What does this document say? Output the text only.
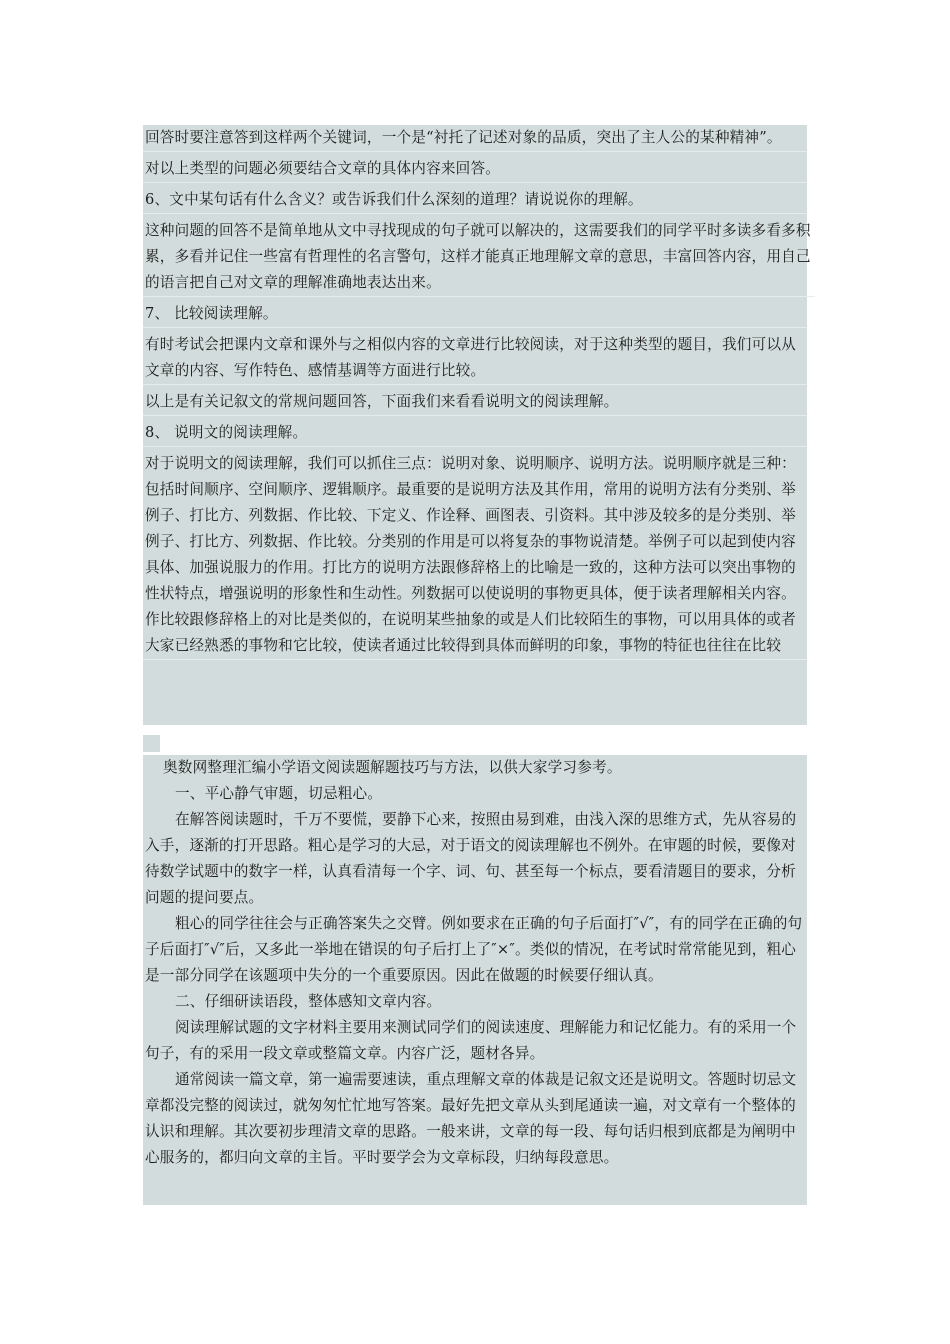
回答时要注意答到这样两个关键词，一个是“衬托了记述对象的品质，突出了主人公的某种精神”。
对以上类型的问题必须要结合文章的具体内容来回答。
6、文中某句话有什么含义？或告诉我们什么深刻的道理？请说说你的理解。
这种问题的回答不是简单地从文中寻找现成的句子就可以解决的，这需要我们的同学平时多读多看多积累，多看并记住一些富有哲理性的名言警句，这样才能真正地理解文章的意思，丰富回答内容，用自己的语言把自己对文章的理解准确地表达出来。
7、 比较阅读理解。
有时考试会把课内文章和课外与之相似内容的文章进行比较阅读，对于这种类型的题目，我们可以从文章的内容、写作特色、感情基调等方面进行比较。
以上是有关记叙文的常规问题回答，下面我们来看看说明文的阅读理解。
8、 说明文的阅读理解。
对于说明文的阅读理解，我们可以抓住三点：说明对象、说明顺序、说明方法。说明顺序就是三种：包括时间顺序、空间顺序、逻辑顺序。最重要的是说明方法及其作用，常用的说明方法有分类别、举例子、打比方、列数据、作比较、下定义、作诠释、画图表、引资料。其中涉及较多的是分类别、举例子、打比方、列数据、作比较。分类别的作用是可以将复杂的事物说清楚。举例子可以起到使内容具体、加强说服力的作用。打比方的说明方法跟修辞格上的比喻是一致的，这种方法可以突出事物的性状特点，增强说明的形象性和生动性。列数据可以使说明的事物更具体，便于读者理解相关内容。作比较跟修辞格上的对比是类似的，在说明某些抽象的或是人们比较陌生的事物，可以用具体的或者大家已经熟悉的事物和它比较，使读者通过比较得到具体而鲜明的印象，事物的特征也往往在比较
奥数网整理汇编小学语文阅读题解题技巧与方法，以供大家学习参考。
一、平心静气审题，切忌粗心。
在解答阅读题时，千万不要慌，要静下心来，按照由易到难，由浅入深的思维方式，先从容易的入手，逐渐的打开思路。粗心是学习的大忌，对于语文的阅读理解也不例外。在审题的时候，要像对待数学试题中的数字一样，认真看清每一个字、词、句、甚至每一个标点，要看清题目的要求，分析问题的提问要点。
粗心的同学往往会与正确答案失之交臂。例如要求在正确的句子后面打″√″，有的同学在正确的句子后面打″√″后，又多此一举地在错误的句子后打上了″×″。类似的情况，在考试时常常能见到，粗心是一部分同学在该题项中失分的一个重要原因。因此在做题的时候要仔细认真。
二、仔细研读语段，整体感知文章内容。
阅读理解试题的文字材料主要用来测试同学们的阅读速度、理解能力和记忆能力。有的采用一个句子，有的采用一段文章或整篇文章。内容广泛，题材各异。
通常阅读一篇文章，第一遍需要速读，重点理解文章的体裁是记叙文还是说明文。答题时切忌文章都没完整的阅读过，就匆匆忙忙地写答案。最好先把文章从头到尾通读一遍，对文章有一个整体的认识和理解。其次要初步理清文章的思路。一般来讲，文章的每一段、每句话归根到底都是为阐明中心服务的，都归向文章的主旨。平时要学会为文章标段，归纳每段意思。
